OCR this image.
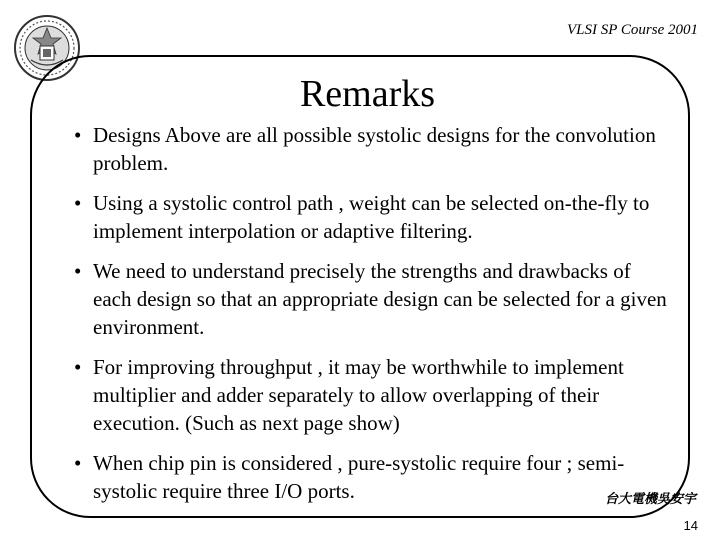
VLSI SP Course 2001
Remarks
• Designs Above are all possible systolic designs for the convolution problem.
• Using a systolic control path , weight can be selected on-the-fly to implement interpolation or adaptive filtering.
• We need to understand precisely the strengths and drawbacks of each design so that an appropriate design can be selected for a given environment.
• For improving throughput , it may be worthwhile to implement multiplier and adder separately to allow overlapping of their execution. (Such as next page show)
• When chip pin is considered , pure-systolic require four ; semi-systolic require three I/O ports.	台大電機吳安宇
14
